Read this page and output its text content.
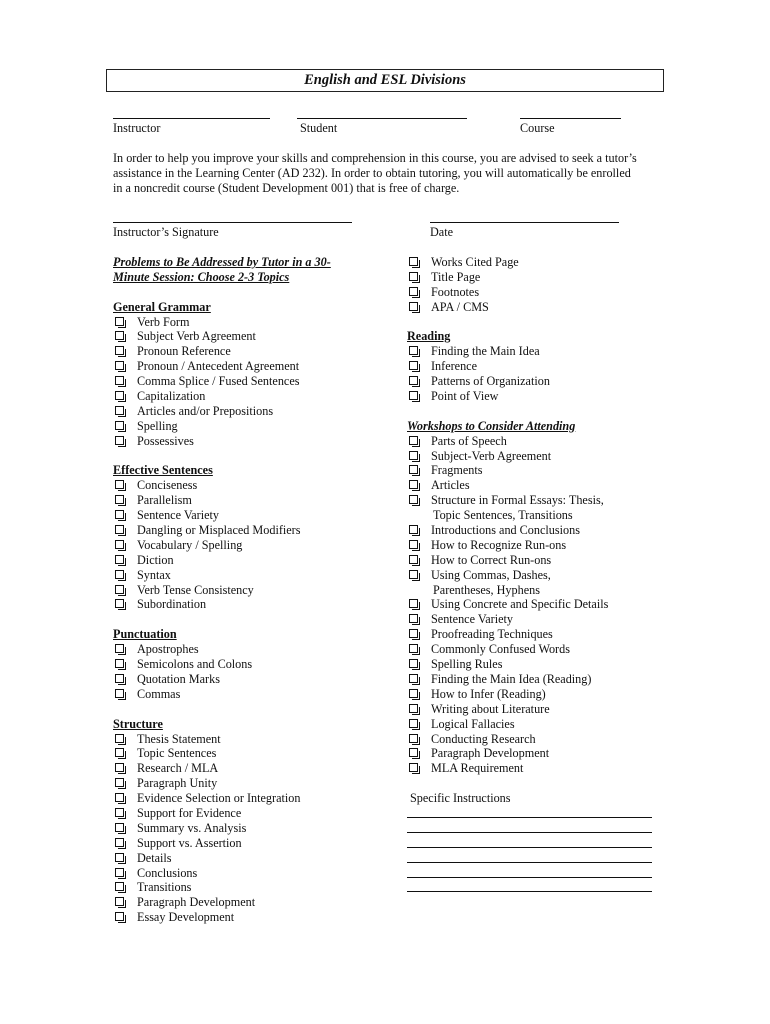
English and ESL Divisions
Instructor	Student	Course
In order to help you improve your skills and comprehension in this course, you are advised to seek a tutor’s
assistance in the Learning Center (AD 232). In order to obtain tutoring, you will automatically be enrolled
in a noncredit course (Student Development 001) that is free of charge.
Instructor’s Signature	Date
Problems to Be Addressed by Tutor in a 30-
Minute Session: Choose 2-3 Topics
General Grammar
Verb Form
Subject Verb Agreement
Pronoun Reference
Pronoun / Antecedent Agreement
Comma Splice / Fused Sentences
Capitalization
Articles and/or Prepositions
Spelling
Possessives
Effective Sentences
Conciseness
Parallelism
Sentence Variety
Dangling or Misplaced Modifiers
Vocabulary / Spelling
Diction
Syntax
Verb Tense Consistency
Subordination
Punctuation
Apostrophes
Semicolons and Colons
Quotation Marks
Commas
Structure
Thesis Statement
Topic Sentences
Research / MLA
Paragraph Unity
Evidence Selection or Integration
Support for Evidence
Summary vs. Analysis
Support vs. Assertion
Details
Conclusions
Transitions
Paragraph Development
Essay Development
Works Cited Page
Title Page
Footnotes
APA / CMS
Reading
Finding the Main Idea
Inference
Patterns of Organization
Point of View
Workshops to Consider Attending
Parts of Speech
Subject-Verb Agreement
Fragments
Articles
Structure in Formal Essays: Thesis,
Topic Sentences, Transitions
Introductions and Conclusions
How to Recognize Run-ons
How to Correct Run-ons
Using Commas, Dashes,
Parentheses, Hyphens
Using Concrete and Specific Details
Sentence Variety
Proofreading Techniques
Commonly Confused Words
Spelling Rules
Finding the Main Idea (Reading)
How to Infer (Reading)
Writing about Literature
Logical Fallacies
Conducting Research
Paragraph Development
MLA Requirement
Specific Instructions
